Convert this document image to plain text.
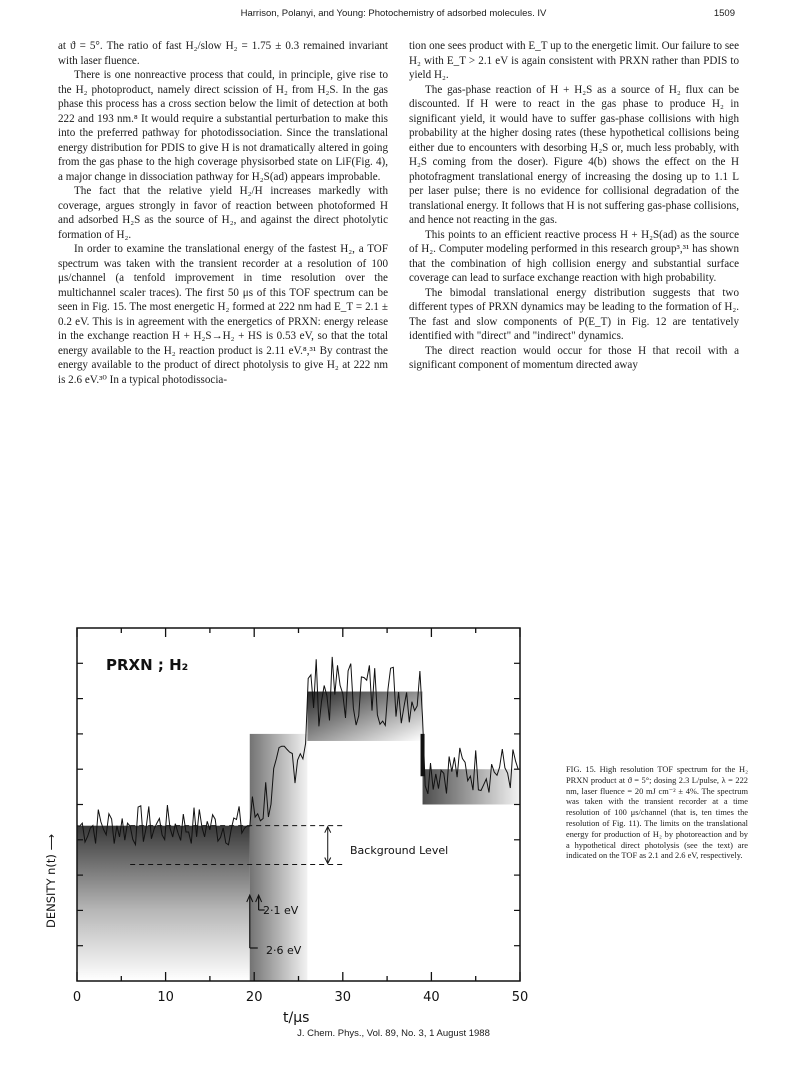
Harrison, Polanyi, and Young: Photochemistry of adsorbed molecules. IV	1509

at ϑ = 5°. The ratio of fast H₂/slow H₂ = 1.75 ± 0.3 remained invariant with laser fluence.

There is one nonreactive process that could, in principle, give rise to the H₂ photoproduct, namely direct scission of H₂ from H₂S. In the gas phase this process has a cross section below the limit of detection at both 222 and 193 nm.⁸ It would require a substantial perturbation to make this into the preferred pathway for photodissociation. Since the translational energy distribution for PDIS to give H is not dramatically altered in going from the gas phase to the high coverage physisorbed state on LiF(Fig. 4), a major change in dissociation pathway for H₂S(ad) appears improbable.

The fact that the relative yield H₂/H increases markedly with coverage, argues strongly in favor of reaction between photoformed H and adsorbed H₂S as the source of H₂, and against the direct photolytic formation of H₂.

In order to examine the translational energy of the fastest H₂, a TOF spectrum was taken with the transient recorder at a resolution of 100 μs/channel (a tenfold improvement in time resolution over the multichannel scaler traces). The first 50 μs of this TOF spectrum can be seen in Fig. 15. The most energetic H₂ formed at 222 nm had E_T = 2.1 ± 0.2 eV. This is in agreement with the energetics of PRXN: energy release in the exchange reaction H + H₂S→H₂ + HS is 0.53 eV, so that the total energy available to the H₂ reaction product is 2.11 eV.⁸,³¹ By contrast the energy available to the product of direct photolysis to give H₂ at 222 nm is 2.6 eV.³⁰ In a typical photodissocia-

tion one sees product with E_T up to the energetic limit. Our failure to see H₂ with E_T > 2.1 eV is again consistent with PRXN rather than PDIS to yield H₂.

The gas-phase reaction of H + H₂S as a source of H₂ flux can be discounted. If H were to react in the gas phase to produce H₂ in significant yield, it would have to suffer gas-phase collisions with high probability at the higher dosing rates (these hypothetical collisions being either due to encounters with desorbing H₂S or, much less probably, with H₂S coming from the doser). Figure 4(b) shows the effect on the H photofragment translational energy of increasing the dosing up to 1.1 L per laser pulse; there is no evidence for collisional degradation of the translational energy. It follows that H is not suffering gas-phase collisions, and hence not reacting in the gas.

This points to an efficient reactive process H + H₂S(ad) as the source of H₂. Computer modeling performed in this research group³,³¹ has shown that the combination of high collision energy and substantial surface coverage can lead to surface exchange reaction with high probability.

The bimodal translational energy distribution suggests that two different types of PRXN dynamics may be leading to the formation of H₂. The fast and slow components of P(E_T) in Fig. 12 are tentatively identified with "direct" and "indirect" dynamics.

The direct reaction would occur for those H that recoil with a significant component of momentum directed away

PRXN ; H₂
Background Level
2·1 eV
2·6 eV
DENSITY n(t) ⟶
t/μs
0	10	20	30	40	50
FIG. 15. High resolution TOF spectrum for the H₂ PRXN product at ϑ = 5°; dosing 2.3 L/pulse, λ = 222 nm, laser fluence = 20 mJ cm⁻² ± 4%. The spectrum was taken with the transient recorder at a time resolution of 100 μs/channel (that is, ten times the resolution of Fig. 11). The limits on the translational energy for production of H₂ by photoreaction and by a hypothetical direct photolysis (see the text) are indicated on the TOF as 2.1 and 2.6 eV, respectively.
J. Chem. Phys., Vol. 89, No. 3, 1 August 1988
